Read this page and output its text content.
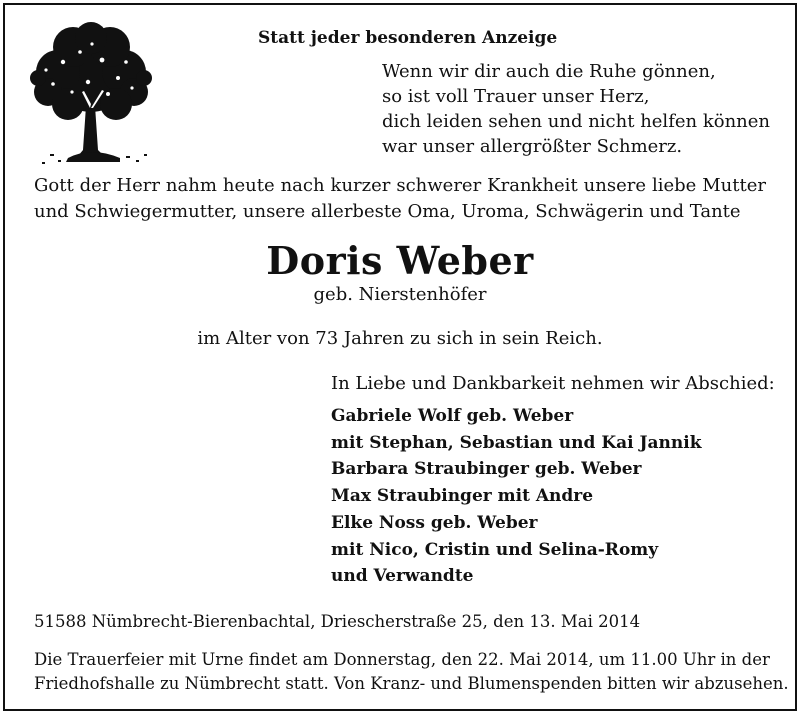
Statt jeder besonderen Anzeige
Wenn wir dir auch die Ruhe gönnen,
so ist voll Trauer unser Herz,
dich leiden sehen und nicht helfen können
war unser allergrößter Schmerz.
Gott der Herr nahm heute nach kurzer schwerer Krankheit unsere liebe Mutter
und Schwiegermutter, unsere allerbeste Oma, Uroma, Schwägerin und Tante
Doris Weber
geb. Nierstenhöfer
im Alter von 73 Jahren zu sich in sein Reich.
In Liebe und Dankbarkeit nehmen wir Abschied:
Gabriele Wolf geb. Weber
mit Stephan, Sebastian und Kai Jannik
Barbara Straubinger geb. Weber
Max Straubinger mit Andre
Elke Noss geb. Weber
mit Nico, Cristin und Selina-Romy
und Verwandte
51588 Nümbrecht-Bierenbachtal, Driescherstraße 25, den 13. Mai 2014
Die Trauerfeier mit Urne findet am Donnerstag, den 22. Mai 2014, um 11.00 Uhr in der
Friedhofshalle zu Nümbrecht statt. Von Kranz- und Blumenspenden bitten wir abzusehen.
